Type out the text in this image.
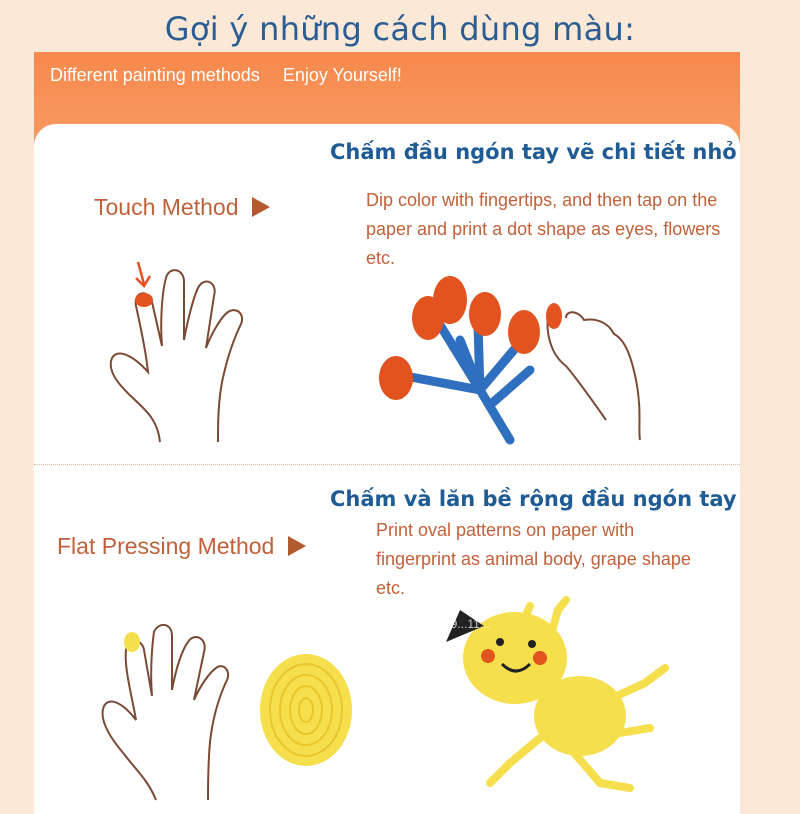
Gợi ý những cách dùng màu:
Different painting methods Enjoy Yourself!
Chấm đầu ngón tay vẽ chi tiết nhỏ
Touch Method	Dip color with fingertips, and then tap on the paper and print a dot shape as eyes, flowers etc.
Chấm và lăn bề rộng đầu ngón tay
Flat Pressing Method
Print oval patterns on paper with fingerprint as animal body, grape shape etc.
09...11...
